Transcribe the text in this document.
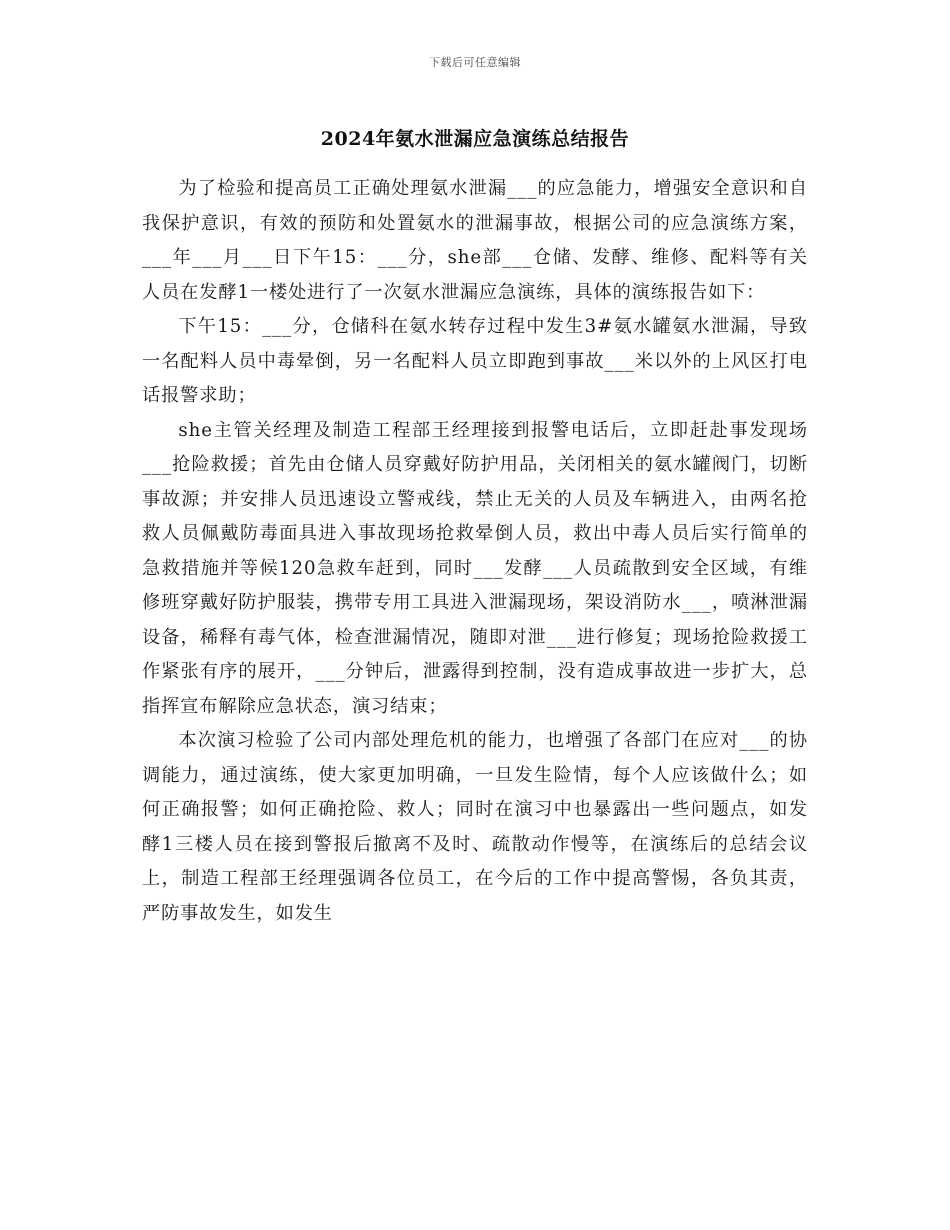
下载后可任意编辑
2024年氨水泄漏应急演练总结报告

为了检验和提高员工正确处理氨水泄漏___的应急能力，增强安全意识和自我保护意识，有效的预防和处置氨水的泄漏事故，根据公司的应急演练方案，___年___月___日下午15：___分，she部___仓储、发酵、维修、配料等有关人员在发酵1一楼处进行了一次氨水泄漏应急演练，具体的演练报告如下：

下午15：___分，仓储科在氨水转存过程中发生3#氨水罐氨水泄漏，导致一名配料人员中毒晕倒，另一名配料人员立即跑到事故___米以外的上风区打电话报警求助；

she主管关经理及制造工程部王经理接到报警电话后，立即赶赴事发现场___抢险救援；首先由仓储人员穿戴好防护用品，关闭相关的氨水罐阀门，切断事故源；并安排人员迅速设立警戒线，禁止无关的人员及车辆进入，由两名抢救人员佩戴防毒面具进入事故现场抢救晕倒人员，救出中毒人员后实行简单的急救措施并等候120急救车赶到，同时___发酵___人员疏散到安全区域，有维修班穿戴好防护服装，携带专用工具进入泄漏现场，架设消防水___，喷淋泄漏设备，稀释有毒气体，检查泄漏情况，随即对泄___进行修复；现场抢险救援工作紧张有序的展开，___分钟后，泄露得到控制，没有造成事故进一步扩大，总指挥宣布解除应急状态，演习结束；

本次演习检验了公司内部处理危机的能力，也增强了各部门在应对___的协调能力，通过演练，使大家更加明确，一旦发生险情，每个人应该做什么；如何正确报警；如何正确抢险、救人；同时在演习中也暴露出一些问题点，如发酵1三楼人员在接到警报后撤离不及时、疏散动作慢等，在演练后的总结会议上，制造工程部王经理强调各位员工，在今后的工作中提高警惕，各负其责，严防事故发生，如发生
